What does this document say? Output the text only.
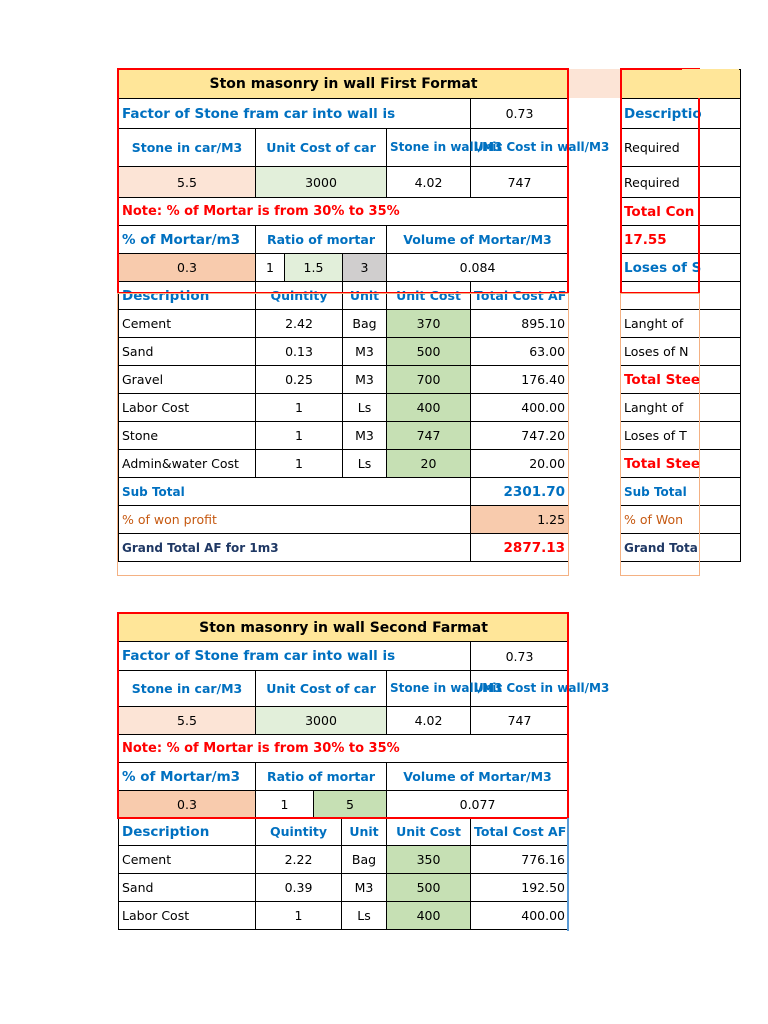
Ston masonry in wall First Format					
Factor of Stone fram car into wall is					0.73
Stone in car/M3	Unit Cost of car			Stone in wall/M3	Unit Cost in wall/M3
5.5	3000			4.02	747
Note: % of Mortar is from 30% to 35%					
% of Mortar/m3	Ratio of mortar			Volume of Mortar/M3	
0.3	1	1.5	3	0.084	
Description	Quintity		Unit	Unit Cost	Total Cost AF
Cement	2.42		Bag	370	895.10
Sand	0.13		M3	500	63.00
Gravel	0.25		M3	700	176.40
Labor Cost	1		Ls	400	400.00
Stone	1		M3	747	747.20
Admin&water Cost	1		Ls	20	20.00
Sub Total					2301.70
% of won profit					1.25
Grand Total AF for 1m3					2877.13

Descriptio
Required
Required
Total Con
17.55
Loses of S

Langht of
Loses of N
Total Stee
Langht of
Loses of T
Total Stee
Sub Total
% of Won
Grand Tota
Ston masonry in wall Second Farmat				
Factor of Stone fram car into wall is				0.73
Stone in car/M3	Unit Cost of car		Stone in wall/M3	Unit Cost in wall/M3
5.5	3000		4.02	747
Note: % of Mortar is from 30% to 35%				
% of Mortar/m3	Ratio of mortar		Volume of Mortar/M3	
0.3	1	5	0.077	
Description	Quintity	Unit	Unit Cost	Total Cost AF
Cement	2.22	Bag	350	776.16
Sand	0.39	M3	500	192.50
Labor Cost	1	Ls	400	400.00
